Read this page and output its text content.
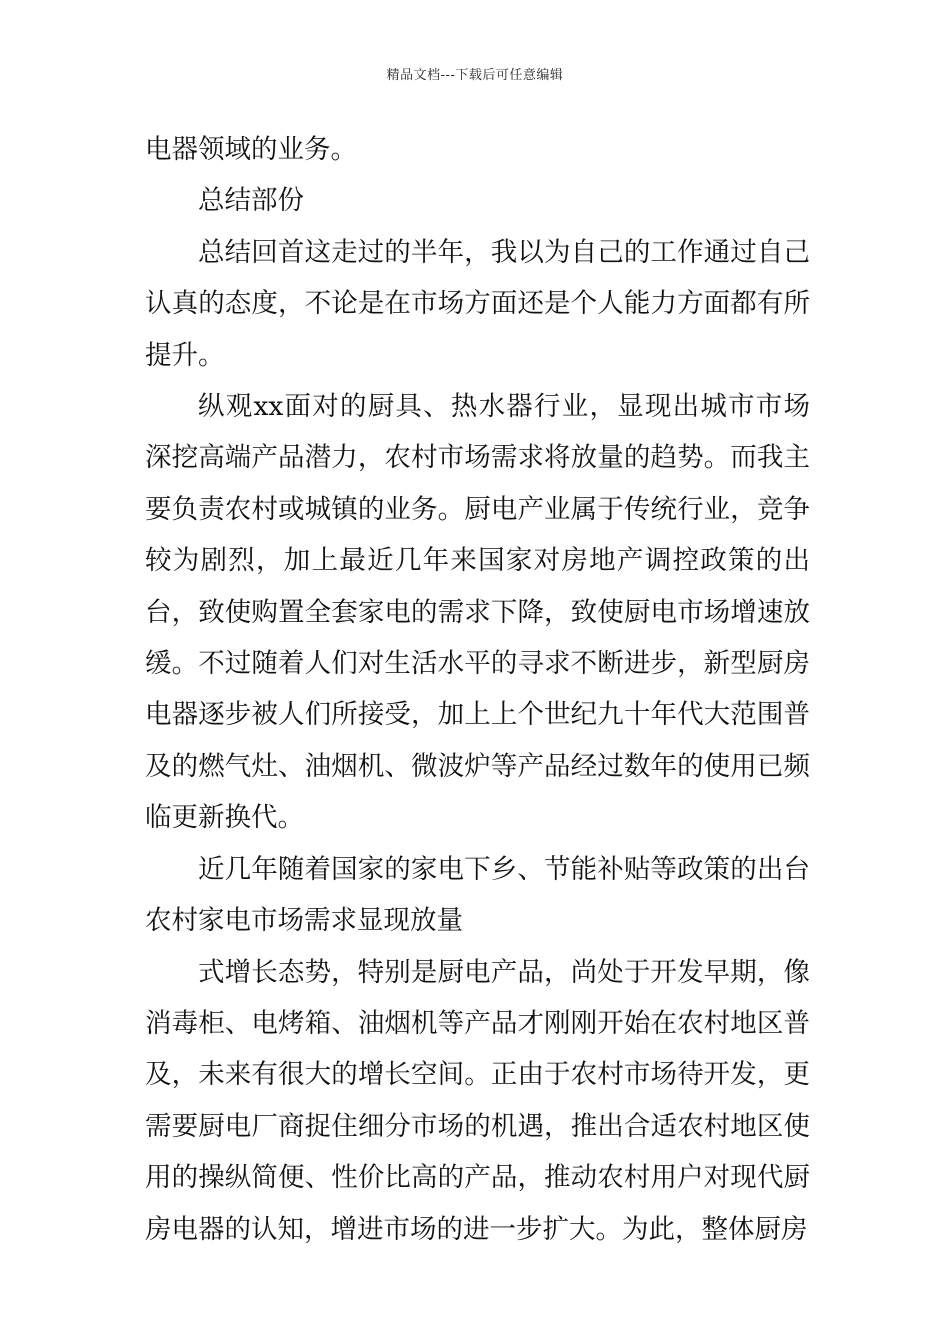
精品文档---下载后可任意编辑

电器领域的业务。

总结部份

总结回首这走过的半年，我以为自己的工作通过自己认真的态度，不论是在市场方面还是个人能力方面都有所提升。

纵观xx面对的厨具、热水器行业，显现出城市市场深挖高端产品潜力，农村市场需求将放量的趋势。而我主要负责农村或城镇的业务。厨电产业属于传统行业，竞争较为剧烈，加上最近几年来国家对房地产调控政策的出台，致使购置全套家电的需求下降，致使厨电市场增速放缓。不过随着人们对生活水平的寻求不断进步，新型厨房电器逐步被人们所接受，加上上个世纪九十年代大范围普及的燃气灶、油烟机、微波炉等产品经过数年的使用已频临更新换代。

近几年随着国家的家电下乡、节能补贴等政策的出台农村家电市场需求显现放量

式增长态势，特别是厨电产品，尚处于开发早期，像消毒柜、电烤箱、油烟机等产品才刚刚开始在农村地区普及，未来有很大的增长空间。正由于农村市场待开发，更需要厨电厂商捉住细分市场的机遇，推出合适农村地区使用的操纵简便、性价比高的产品，推动农村用户对现代厨房电器的认知，增进市场的进一步扩大。为此，整体厨房
